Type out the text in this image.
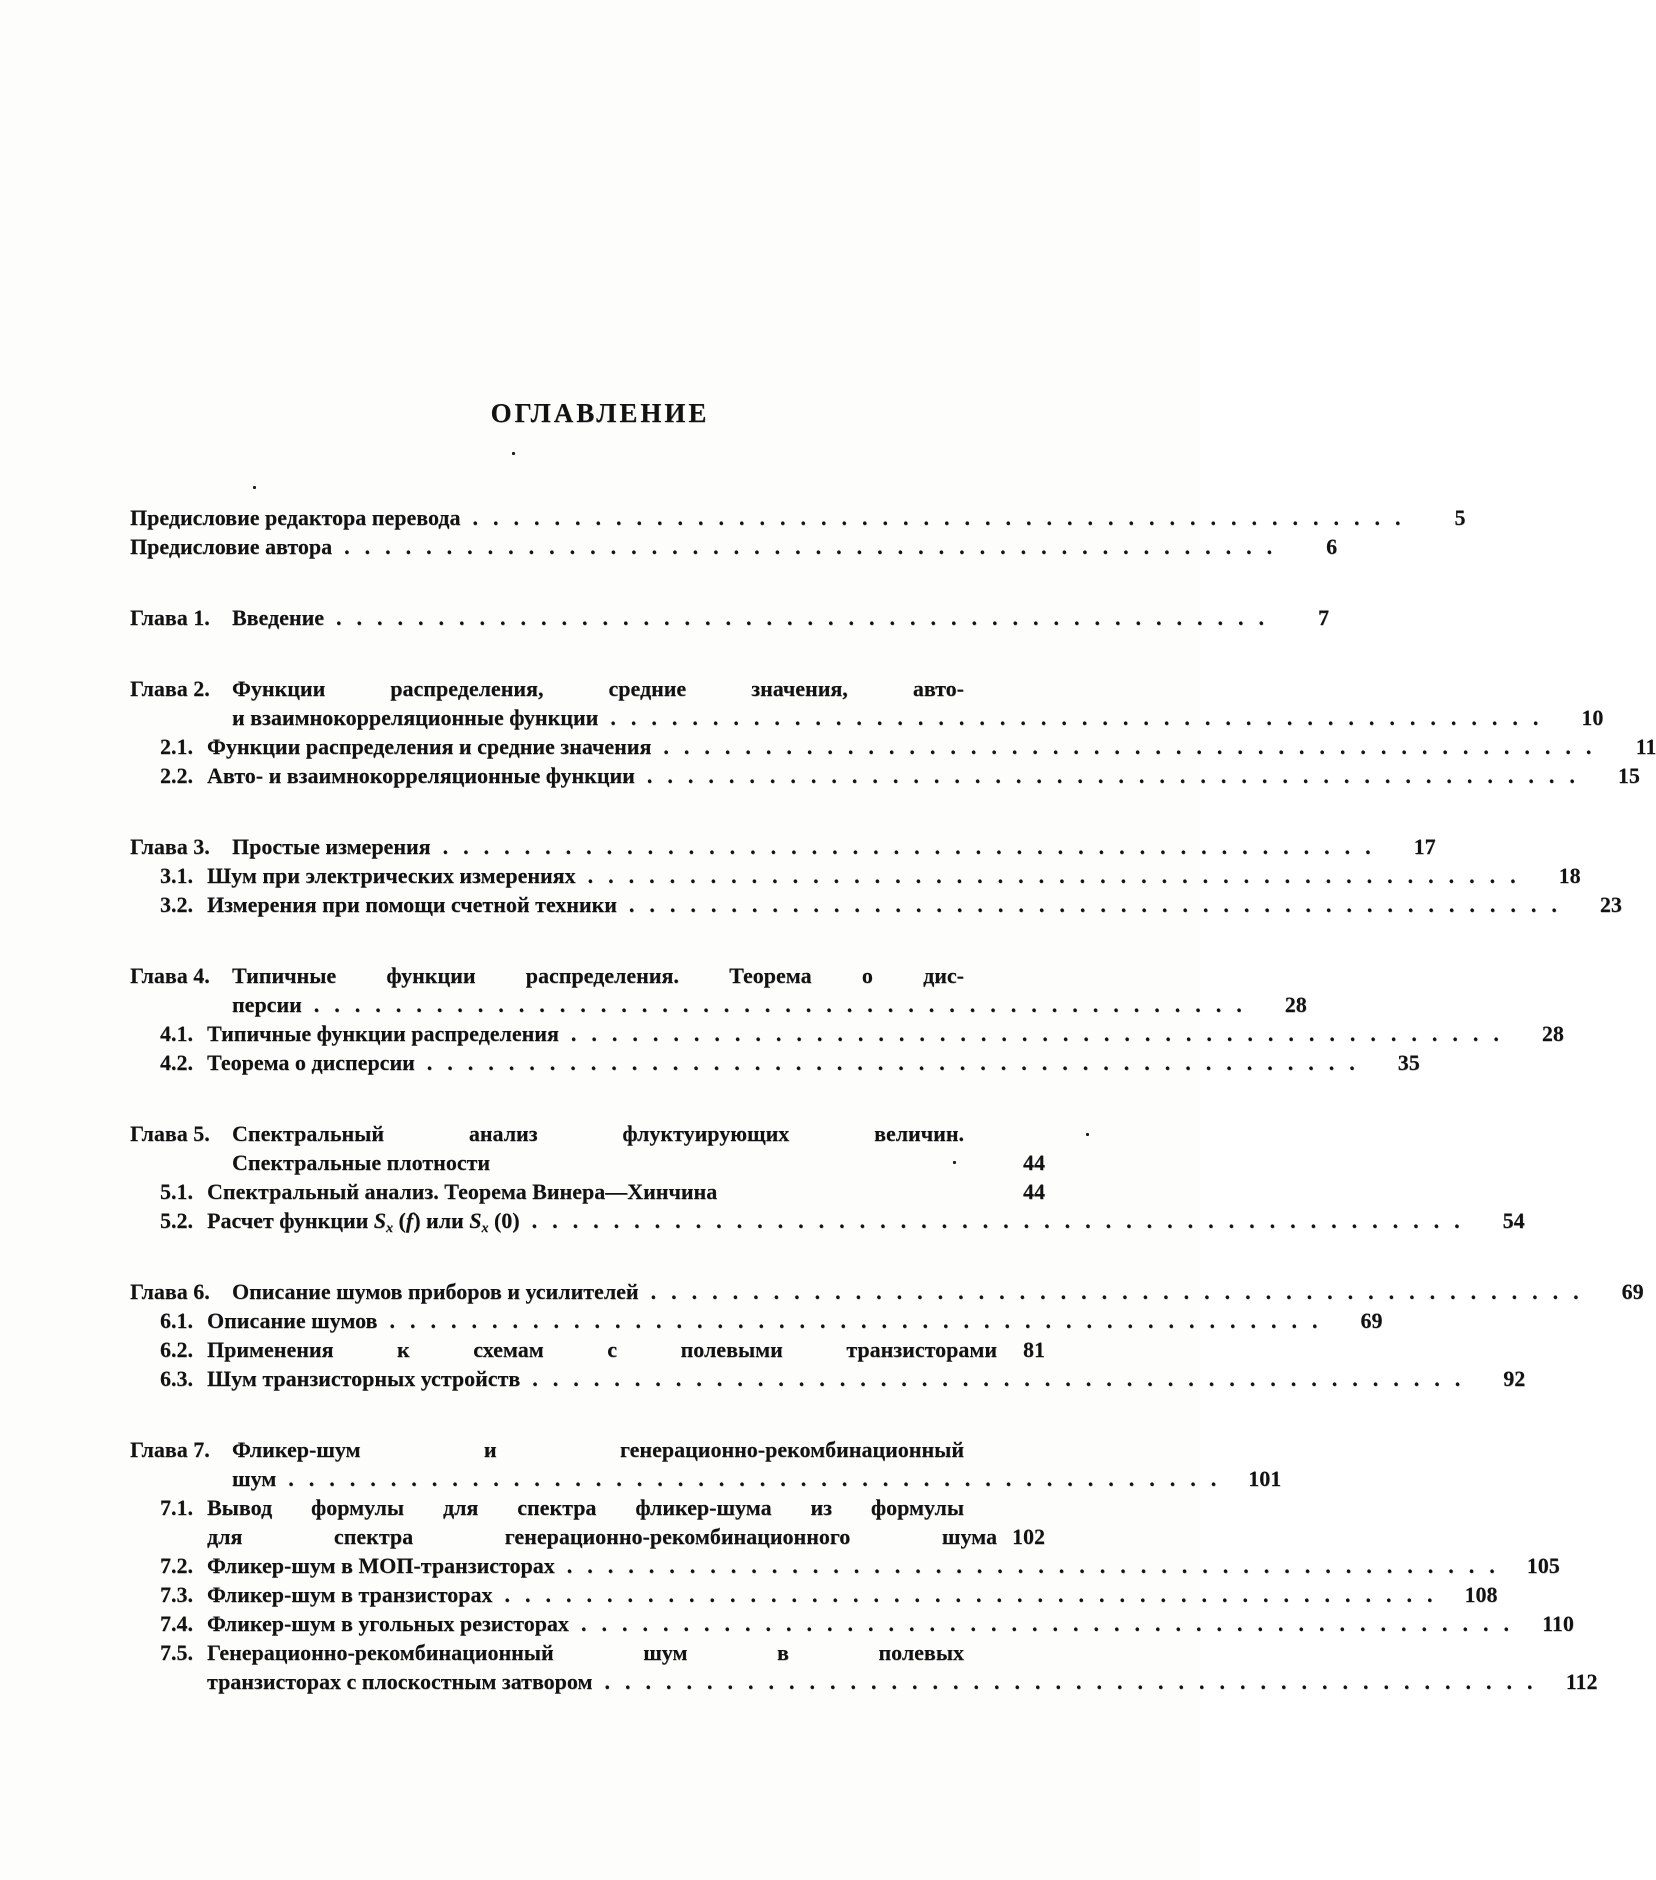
ОГЛАВЛЕНИЕ
Предисловие редактора перевода ..............................................	5
Предисловие автора ..............................................	6
Глава 1.	Введение ..............................................	7
Глава 2.	Функции распределения, средние значения, авто-
и взаимнокорреляционные функции ..............................................	10
2.1. Функции распределения и средние значения ..............................................	11
2.2. Авто- и взаимнокорреляционные функции ..............................................	15
Глава 3.	Простые измерения ..............................................	17
3.1. Шум при электрических измерениях ..............................................	18
3.2. Измерения при помощи счетной техники ..............................................	23
Глава 4.	Типичные функции распределения. Теорема о дис-
персии ..............................................	28
4.1. Типичные функции распределения ..............................................	28
4.2. Теорема о дисперсии ..............................................	35
Глава 5.	Спектральный анализ флуктуирующих величин.
Спектральные плотности	44
5.1. Спектральный анализ. Теорема Винера—Хинчина	44
5.2. Расчет функции $S_x$ (f) или $S_x$ (0) ..............................................	54
Глава 6.	Описание шумов приборов и усилителей ..............................................	69
6.1. Описание шумов ..............................................	69
6.2. Применения к схемам с полевыми транзисторами	81
6.3. Шум транзисторных устройств ..............................................	92
Глава 7.	Фликер-шум и генерационно-рекомбинационный
шум .............................................. 101
7.1. Вывод формулы для спектра фликер-шума из формулы
для спектра генерационно-рекомбинационного шума 102
7.2. Фликер-шум в МОП-транзисторах .............................................. 105
7.3. Фликер-шум в транзисторах .............................................. 108
7.4. Фликер-шум в угольных резисторах .............................................. 110
7.5. Генерационно-рекомбинационный шум в полевых
транзисторах с плоскостным затвором .............................................. 112
